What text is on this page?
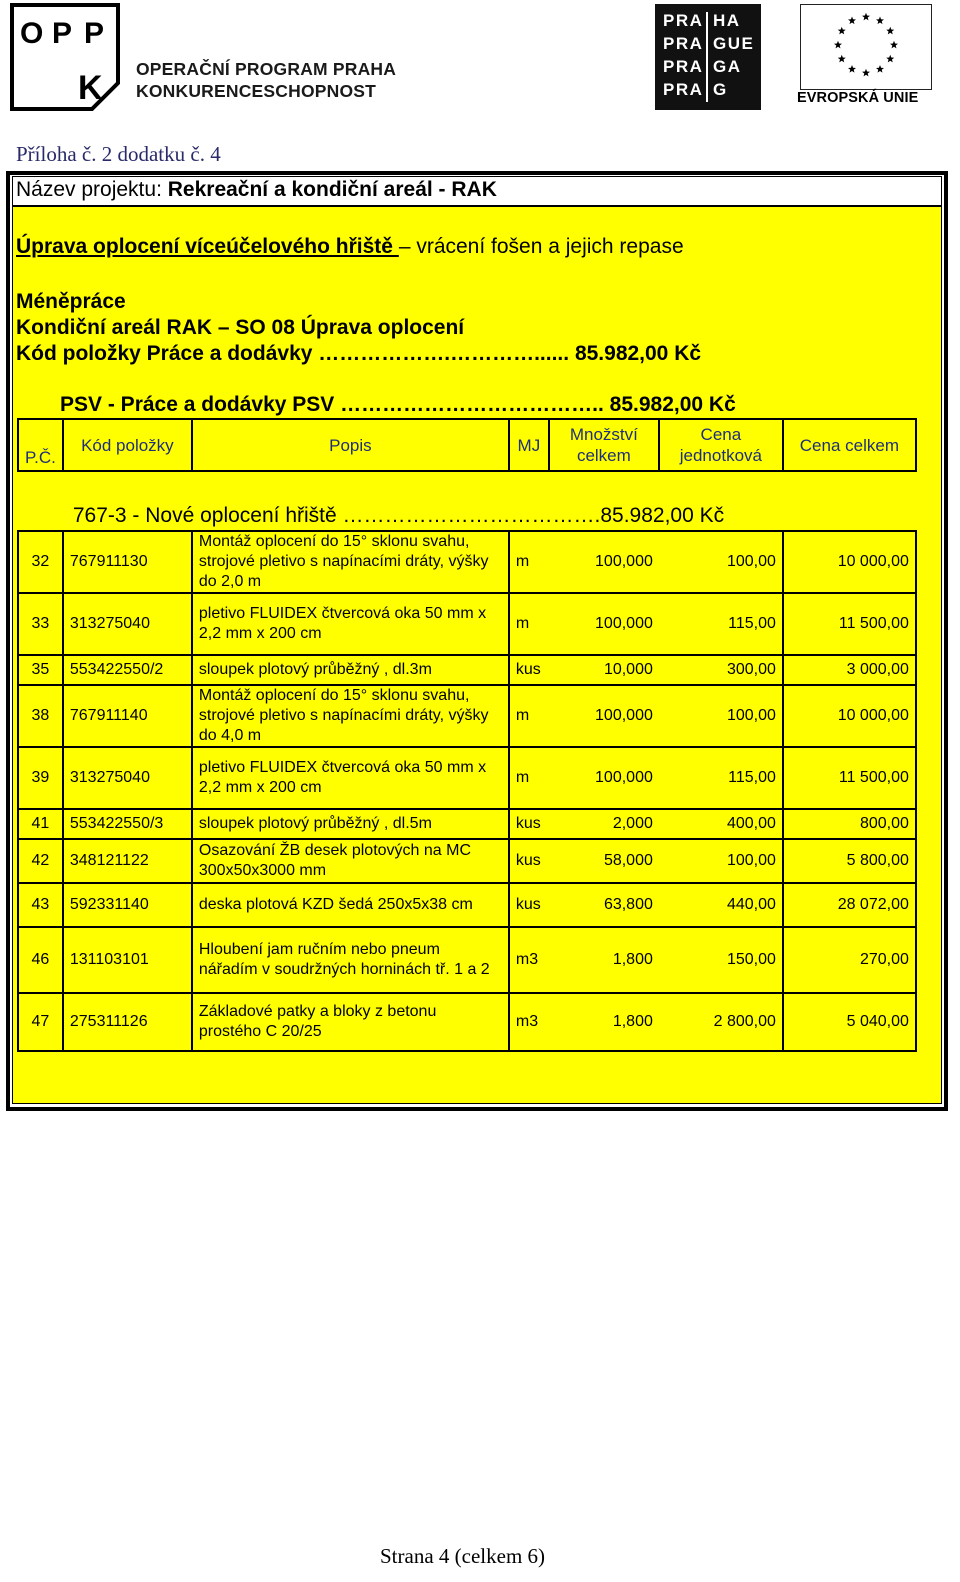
O P P
K OPERAČNÍ PROGRAM PRAHA
KONKURENCESCHOPNOST
PRA
PRA
PRA
PRA
HA
GUE
GA
G	EVROPSKÁ UNIE
Příloha č. 2 dodatku č. 4
Název projektu: Rekreační a kondiční areál - RAK
Úprava oplocení víceúčelového hřiště – vrácení fošen a jejich repase
Méněpráce
Kondiční areál RAK – SO 08 Úprava oplocení
Kód položky Práce a dodávky ……………….…………...... 85.982,00 Kč
PSV - Práce a dodávky PSV ……………………………….. 85.982,00 Kč
P.Č.	Kód položky	Popis	MJ	Množství celkem	Cena jednotková	Cena celkem

	767-3 - Nové oplocení hřiště ……………………………….85.982,00 Kč					
32	767911130	Montáž oplocení do 15° sklonu svahu, strojové pletivo s napínacími dráty, výšky do 2,0 m	m	100,000	100,00	10 000,00
33	313275040	pletivo FLUIDEX čtvercová oka 50 mm x 2,2 mm x 200 cm	m	100,000	115,00	11 500,00
35	553422550/2	sloupek plotový průběžný , dl.3m	kus	10,000	300,00	3 000,00
38	767911140	Montáž oplocení do 15° sklonu svahu, strojové pletivo s napínacími dráty, výšky do 4,0 m	m	100,000	100,00	10 000,00
39	313275040	pletivo FLUIDEX čtvercová oka 50 mm x 2,2 mm x 200 cm	m	100,000	115,00	11 500,00
41	553422550/3	sloupek plotový průběžný , dl.5m	kus	2,000	400,00	800,00
42	348121122	Osazování ŽB desek plotových na MC 300x50x3000 mm	kus	58,000	100,00	5 800,00
43	592331140	deska plotová KZD šedá 250x5x38 cm	kus	63,800	440,00	28 072,00
46	131103101	Hloubení jam ručním nebo pneum nářadím v soudržných horninách tř. 1 a 2	m3	1,800	150,00	270,00
47	275311126	Základové patky a bloky z betonu prostého C 20/25	m3	1,800	2 800,00	5 040,00
Strana 4 (celkem 6)
